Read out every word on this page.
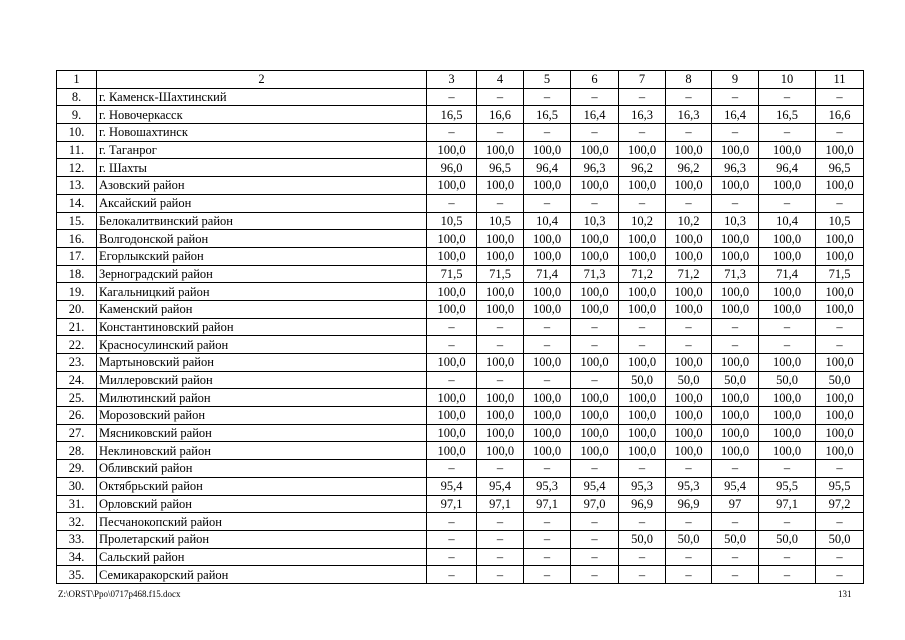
1	2	3	4	5	6	7	8	9	10	11
8.	г. Каменск-Шахтинский	–	–	–	–	–	–	–	–	–
9.	г. Новочеркасск	16,5	16,6	16,5	16,4	16,3	16,3	16,4	16,5	16,6
10.	г. Новошахтинск	–	–	–	–	–	–	–	–	–
11.	г. Таганрог	100,0	100,0	100,0	100,0	100,0	100,0	100,0	100,0	100,0
12.	г. Шахты	96,0	96,5	96,4	96,3	96,2	96,2	96,3	96,4	96,5
13.	Азовский район	100,0	100,0	100,0	100,0	100,0	100,0	100,0	100,0	100,0
14.	Аксайский район	–	–	–	–	–	–	–	–	–
15.	Белокалитвинский район	10,5	10,5	10,4	10,3	10,2	10,2	10,3	10,4	10,5
16.	Волгодонской район	100,0	100,0	100,0	100,0	100,0	100,0	100,0	100,0	100,0
17.	Егорлыкский район	100,0	100,0	100,0	100,0	100,0	100,0	100,0	100,0	100,0
18.	Зерноградский район	71,5	71,5	71,4	71,3	71,2	71,2	71,3	71,4	71,5
19.	Кагальницкий район	100,0	100,0	100,0	100,0	100,0	100,0	100,0	100,0	100,0
20.	Каменский район	100,0	100,0	100,0	100,0	100,0	100,0	100,0	100,0	100,0
21.	Константиновский район	–	–	–	–	–	–	–	–	–
22.	Красносулинский район	–	–	–	–	–	–	–	–	–
23.	Мартыновский район	100,0	100,0	100,0	100,0	100,0	100,0	100,0	100,0	100,0
24.	Миллеровский район	–	–	–	–	50,0	50,0	50,0	50,0	50,0
25.	Милютинский район	100,0	100,0	100,0	100,0	100,0	100,0	100,0	100,0	100,0
26.	Морозовский район	100,0	100,0	100,0	100,0	100,0	100,0	100,0	100,0	100,0
27.	Мясниковский район	100,0	100,0	100,0	100,0	100,0	100,0	100,0	100,0	100,0
28.	Неклиновский район	100,0	100,0	100,0	100,0	100,0	100,0	100,0	100,0	100,0
29.	Обливский район	–	–	–	–	–	–	–	–	–
30.	Октябрьский район	95,4	95,4	95,3	95,4	95,3	95,3	95,4	95,5	95,5
31.	Орловский район	97,1	97,1	97,1	97,0	96,9	96,9	97	97,1	97,2
32.	Песчанокопский район	–	–	–	–	–	–	–	–	–
33.	Пролетарский район	–	–	–	–	50,0	50,0	50,0	50,0	50,0
34.	Сальский район	–	–	–	–	–	–	–	–	–
35.	Семикаракорский район	–	–	–	–	–	–	–	–	–
Z:\ORST\Ppo\0717p468.f15.docx	131
